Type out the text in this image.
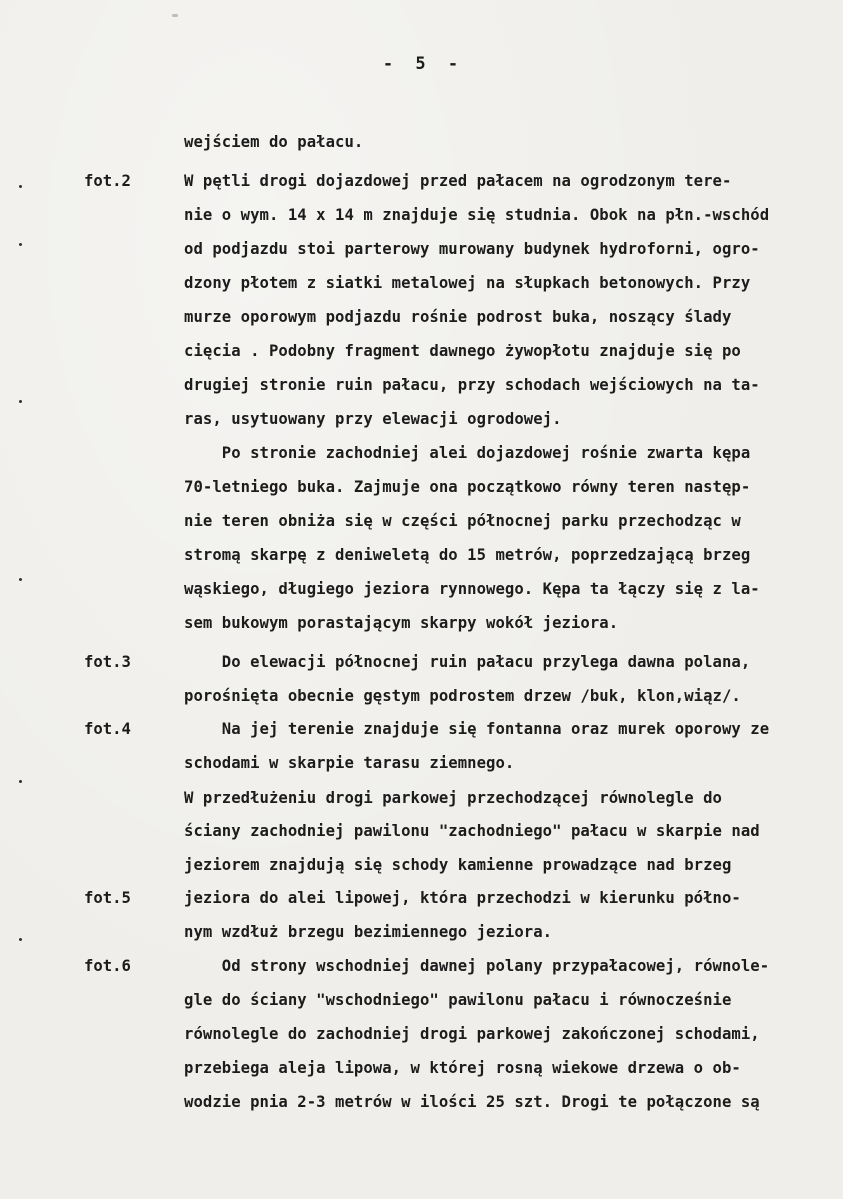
- 5 -
fot.2
fot.3
fot.4
fot.5
fot.6
wejściem do pałacu.
W pętli drogi dojazdowej przed pałacem na ogrodzonym tere-
nie o wym. 14 x 14 m znajduje się studnia. Obok na płn.-wschód
od podjazdu stoi parterowy murowany budynek hydroforni, ogro-
dzony płotem z siatki metalowej na słupkach betonowych. Przy
murze oporowym podjazdu rośnie podrost buka, noszący ślady
cięcia . Podobny fragment dawnego żywopłotu znajduje się po
drugiej stronie ruin pałacu, przy schodach wejściowych na ta-
ras, usytuowany przy elewacji ogrodowej.
Po stronie zachodniej alei dojazdowej rośnie zwarta kępa
70-letniego buka. Zajmuje ona początkowo równy teren następ-
nie teren obniża się w części północnej parku przechodząc w
stromą skarpę z deniweletą do 15 metrów, poprzedzającą brzeg
wąskiego, długiego jeziora rynnowego. Kępa ta łączy się z la-
sem bukowym porastającym skarpy wokół jeziora.
Do elewacji północnej ruin pałacu przylega dawna polana,
porośnięta obecnie gęstym podrostem drzew /buk, klon,wiąz/.
Na jej terenie znajduje się fontanna oraz murek oporowy ze
schodami w skarpie tarasu ziemnego.
W przedłużeniu drogi parkowej przechodzącej równolegle do
ściany zachodniej pawilonu "zachodniego" pałacu w skarpie nad
jeziorem znajdują się schody kamienne prowadzące nad brzeg
jeziora do alei lipowej, która przechodzi w kierunku półno-
nym wzdłuż brzegu bezimiennego jeziora.
Od strony wschodniej dawnej polany przypałacowej, równole-
gle do ściany "wschodniego" pawilonu pałacu i równocześnie
równolegle do zachodniej drogi parkowej zakończonej schodami,
przebiega aleja lipowa, w której rosną wiekowe drzewa o ob-
wodzie pnia 2-3 metrów w ilości 25 szt. Drogi te połączone są
